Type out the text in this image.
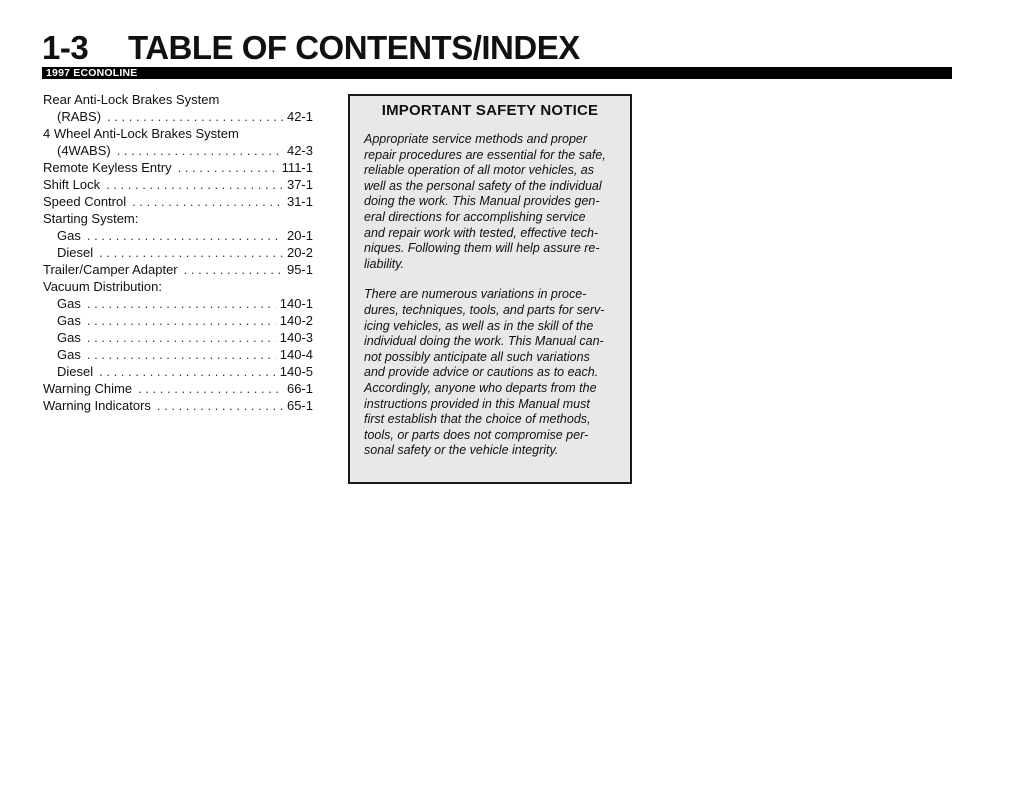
1-3	TABLE OF CONTENTS/INDEX
1997 ECONOLINE
Rear Anti-Lock Brakes System
(RABS) . . .	42-1
4 Wheel Anti-Lock Brakes System
(4WABS) . . .	42-3
Remote Keyless Entry . . .	111-1
Shift Lock . . .	37-1
Speed Control . . .	31-1
Starting System:
Gas . . .	20-1
Diesel . . .	20-2
Trailer/Camper Adapter . . .	95-1
Vacuum Distribution:
Gas . . .	140-1
Gas . . .	140-2
Gas . . .	140-3
Gas . . .	140-4
Diesel . . .	140-5
Warning Chime . . .	66-1
Warning Indicators . . .	65-1
IMPORTANT SAFETY NOTICE

Appropriate service methods and proper
repair procedures are essential for the safe,
reliable operation of all motor vehicles, as
well as the personal safety of the individual
doing the work. This Manual provides gen-
eral directions for accomplishing service
and repair work with tested, effective tech-
niques. Following them will help assure re-
liability.

There are numerous variations in proce-
dures, techniques, tools, and parts for serv-
icing vehicles, as well as in the skill of the
individual doing the work. This Manual can-
not possibly anticipate all such variations
and provide advice or cautions as to each.
Accordingly, anyone who departs from the
instructions provided in this Manual must
first establish that the choice of methods,
tools, or parts does not compromise per-
sonal safety or the vehicle integrity.
